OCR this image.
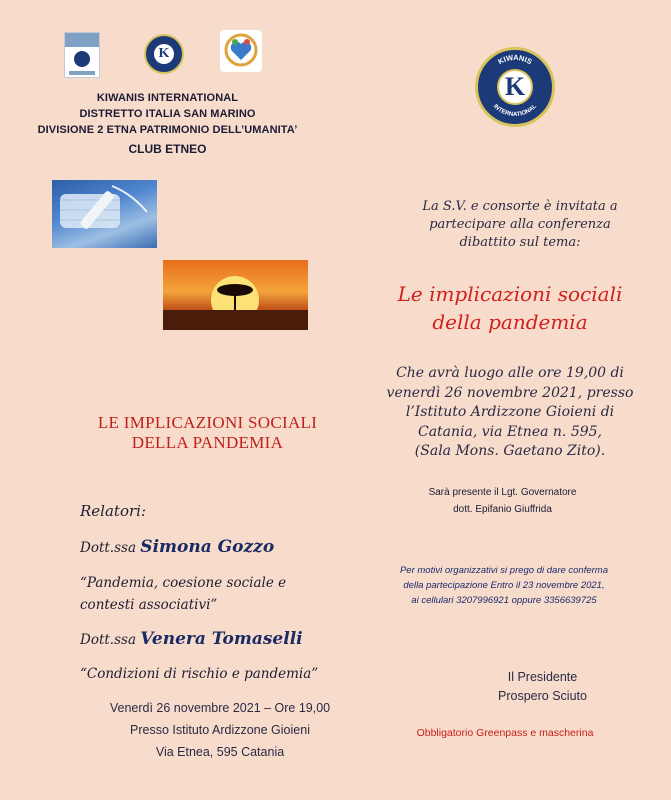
K
KIWANIS INTERNATIONAL
DISTRETTO ITALIA SAN MARINO
DIVISIONE 2 ETNA PATRIMONIO DELL’UMANITA’
CLUB ETNEO
KIWANIS
INTERNATIONAL
K
La S.V. e consorte è invitata a
partecipare alla conferenza
dibattito sul tema:
Le implicazioni sociali
della pandemia
Che avrà luogo alle ore 19,00 di
venerdì 26 novembre 2021, presso
l’Istituto Ardizzone Gioieni di
Catania, via Etnea n. 595,
(Sala Mons. Gaetano Zito).
Sarà presente il Lgt. Governatore
dott. Epifanio Giuffrida
Per motivi organizzativi si prego di dare conferma
della partecipazione Entro il 23 novembre 2021,
ai cellulari 3207996921 oppure 3356639725
Il Presidente
Prospero Sciuto
Obbligatorio Greenpass e mascherina
LE IMPLICAZIONI SOCIALI
DELLA PANDEMIA
Relatori:
Dott.ssa Simona Gozzo
“Pandemia, coesione sociale e
contesti associativi”
Dott.ssa Venera Tomaselli
“Condizioni di rischio e pandemia”
Venerdì 26 novembre 2021 – Ore 19,00
Presso Istituto Ardizzone Gioieni
Via Etnea, 595 Catania
